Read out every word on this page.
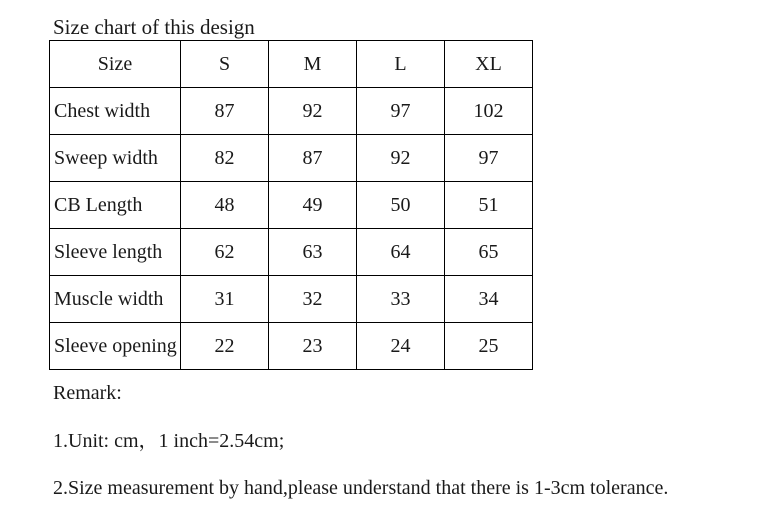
Size chart of this design
Size	S	M	L	XL
Chest width	87	92	97	102
Sweep width	82	87	92	97
CB Length	48	49	50	51
Sleeve length	62	63	64	65
Muscle width	31	32	33	34
Sleeve opening	22	23	24	25
Remark:
1.Unit: cm，1 inch=2.54cm;
2.Size measurement by hand,please understand that there is 1-3cm tolerance.
